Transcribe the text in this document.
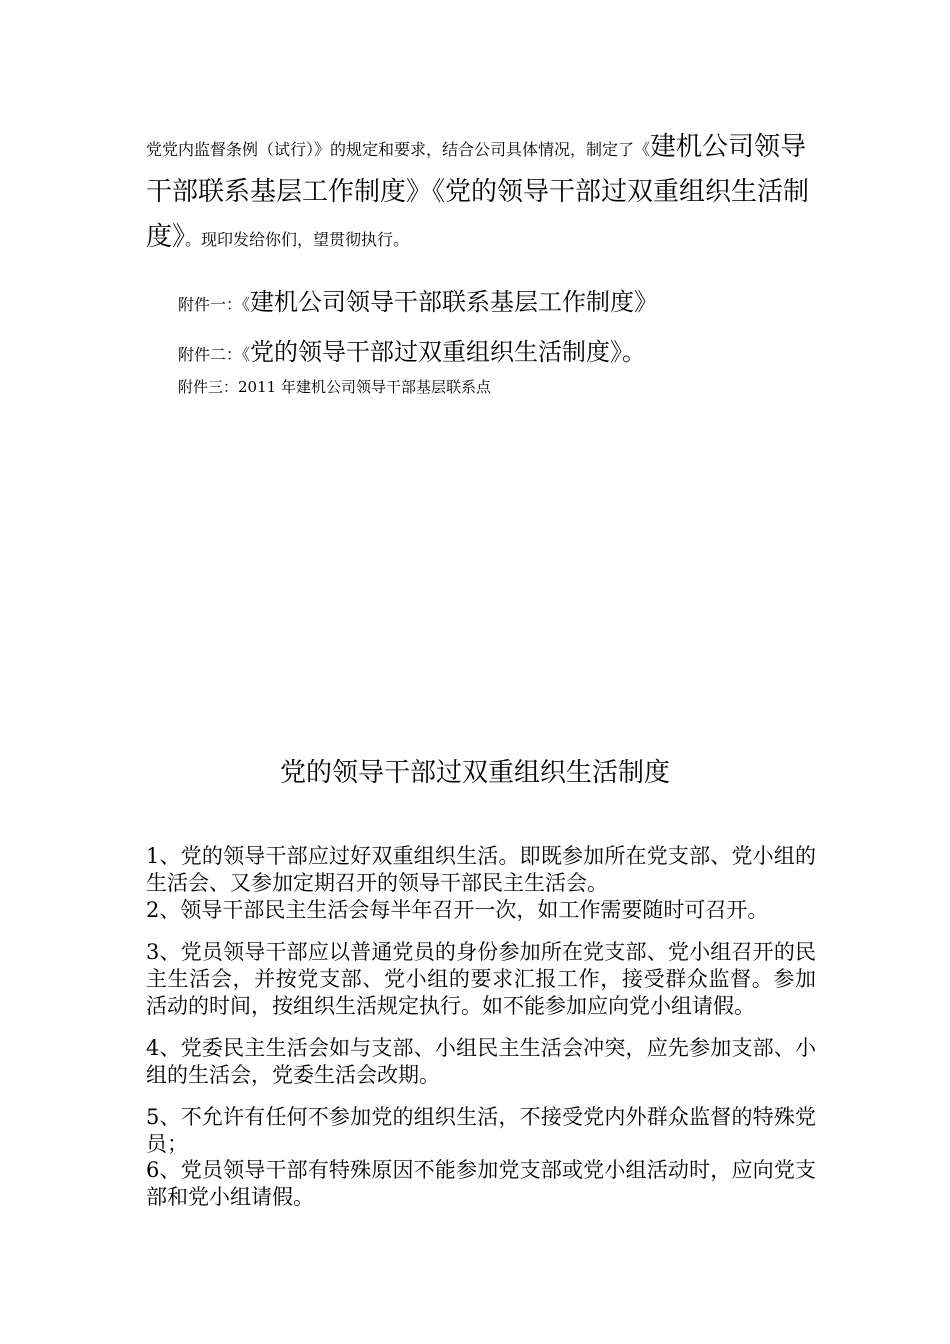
党党内监督条例（试行）》的规定和要求，结合公司具体情况，制定了《建机公司领导干部联系基层工作制度》《党的领导干部过双重组织生活制度》。现印发给你们，望贯彻执行。

附件一：《建机公司领导干部联系基层工作制度》

附件二：《党的领导干部过双重组织生活制度》。

附件三：2011 年建机公司领导干部基层联系点

党的领导干部过双重组织生活制度

1、党的领导干部应过好双重组织生活。即既参加所在党支部、党小组的生活会、又参加定期召开的领导干部民主生活会。

2、领导干部民主生活会每半年召开一次，如工作需要随时可召开。

3、党员领导干部应以普通党员的身份参加所在党支部、党小组召开的民主生活会，并按党支部、党小组的要求汇报工作，接受群众监督。参加活动的时间，按组织生活规定执行。如不能参加应向党小组请假。

4、党委民主生活会如与支部、小组民主生活会冲突，应先参加支部、小组的生活会，党委生活会改期。

5、不允许有任何不参加党的组织生活，不接受党内外群众监督的特殊党员；

6、党员领导干部有特殊原因不能参加党支部或党小组活动时，应向党支部和党小组请假。
